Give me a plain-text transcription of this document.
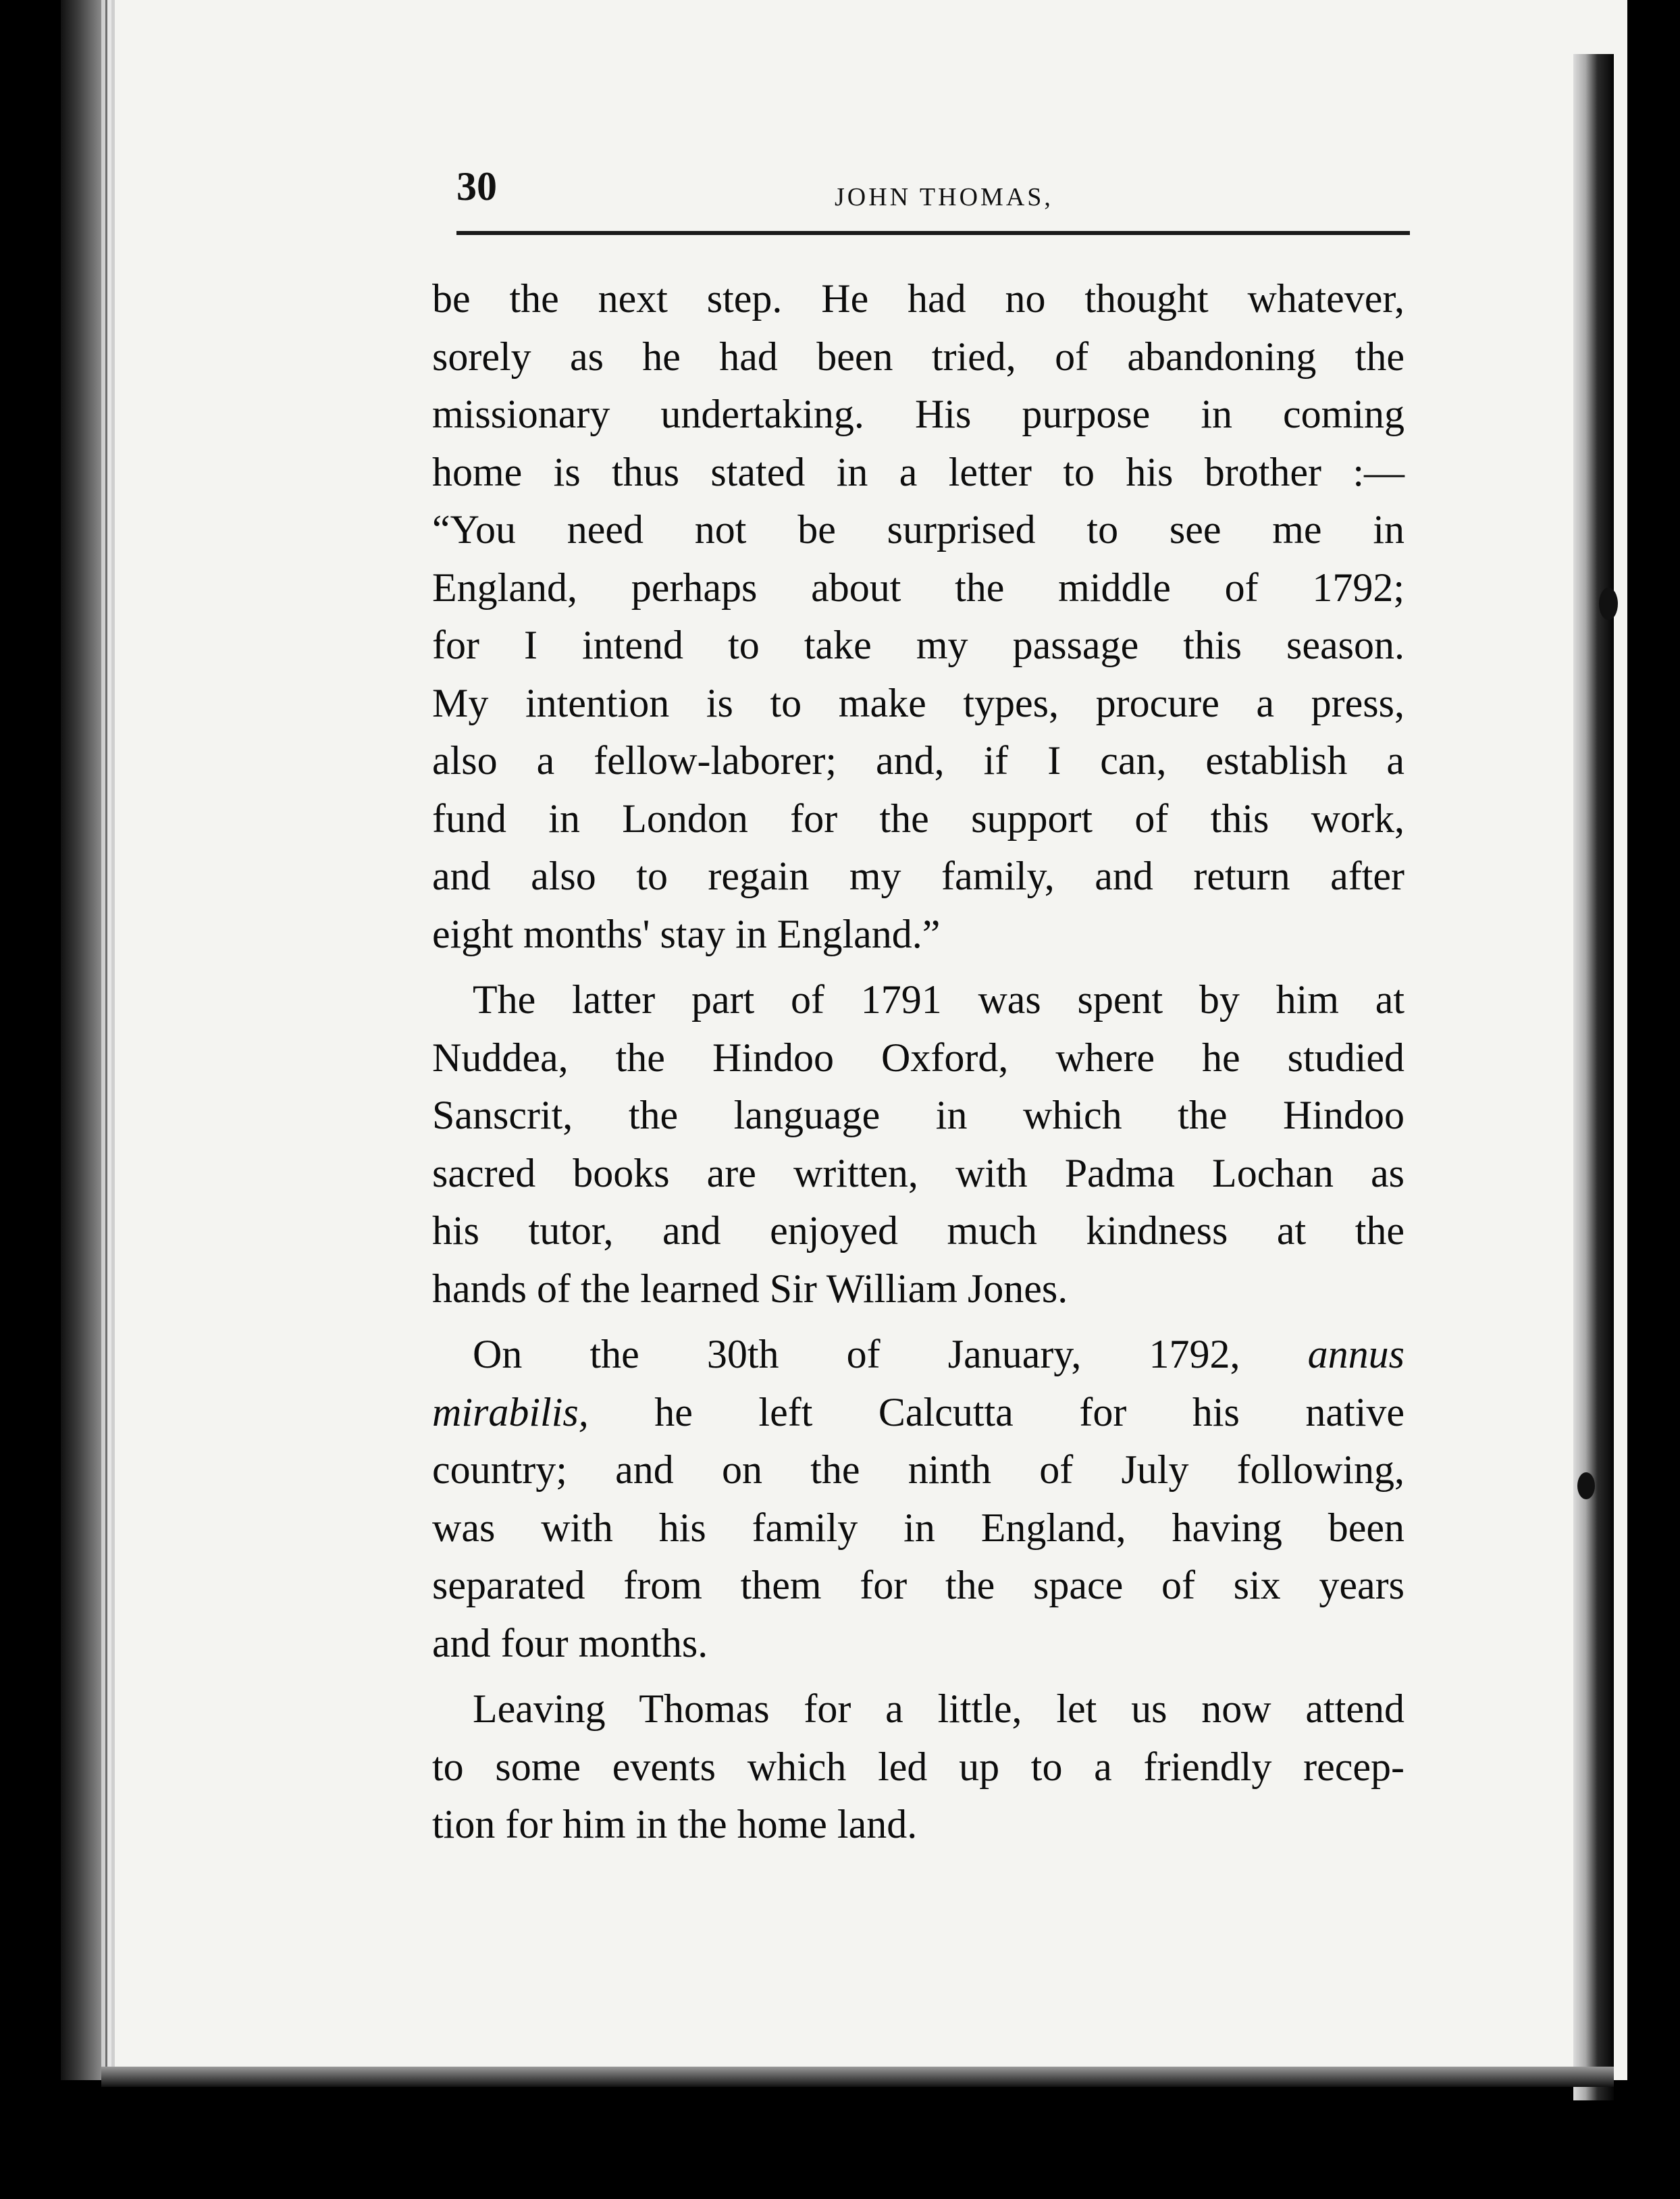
30	JOHN THOMAS,
be the next step. He had no thought whatever,
sorely as he had been tried, of abandoning the
missionary undertaking. His purpose in coming
home is thus stated in a letter to his brother :—
“You need not be surprised to see me in
England, perhaps about the middle of 1792;
for I intend to take my passage this season.
My intention is to make types, procure a press,
also a fellow-laborer; and, if I can, establish a
fund in London for the support of this work,
and also to regain my family, and return after
eight months' stay in England.”
The latter part of 1791 was spent by him at
Nuddea, the Hindoo Oxford, where he studied
Sanscrit, the language in which the Hindoo
sacred books are written, with Padma Lochan as
his tutor, and enjoyed much kindness at the
hands of the learned Sir William Jones.
On the 30th of January, 1792, annus
mirabilis, he left Calcutta for his native
country; and on the ninth of July following,
was with his family in England, having been
separated from them for the space of six years
and four months.
Leaving Thomas for a little, let us now attend
to some events which led up to a friendly recep-
tion for him in the home land.
